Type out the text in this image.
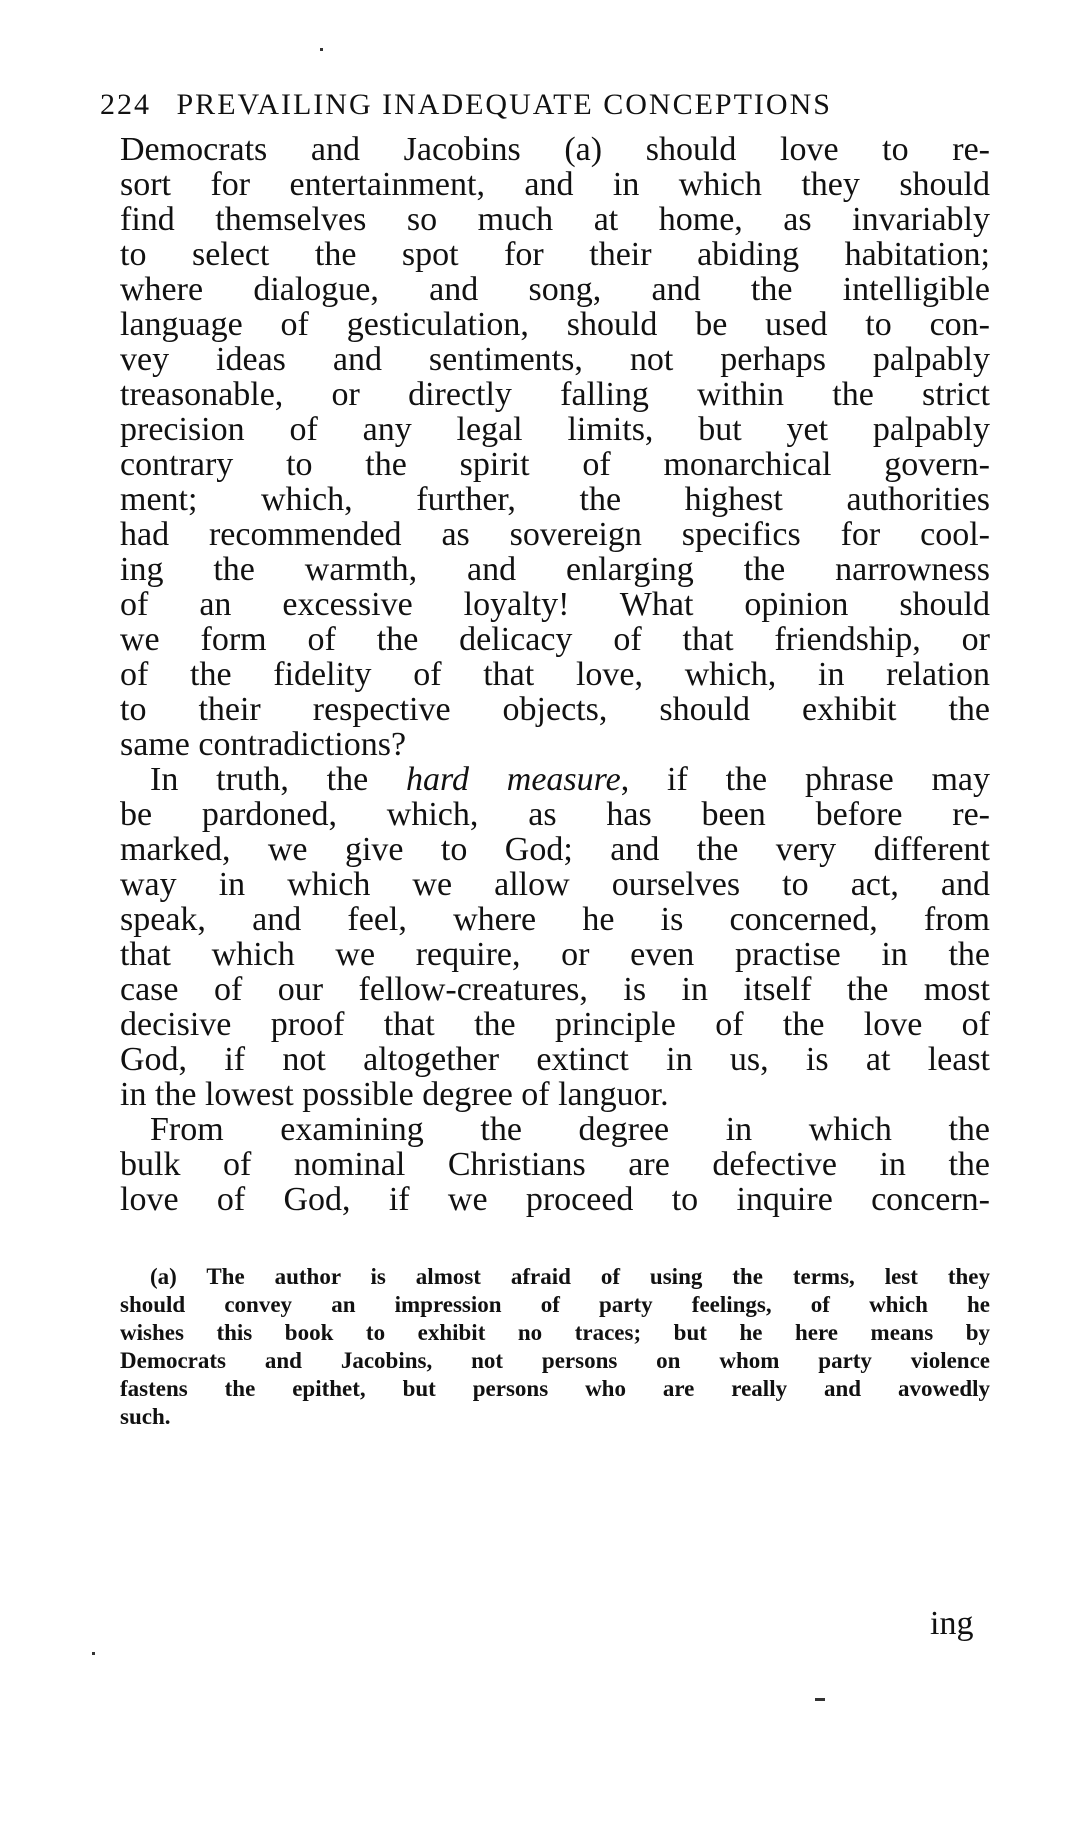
224 PREVAILING INADEQUATE CONCEPTIONS
Democrats and Jacobins (a) should love to re-
sort for entertainment, and in which they should
find themselves so much at home, as invariably
to select the spot for their abiding habitation;
where dialogue, and song, and the intelligible
language of gesticulation, should be used to con-
vey ideas and sentiments, not perhaps palpably
treasonable, or directly falling within the strict
precision of any legal limits, but yet palpably
contrary to the spirit of monarchical govern-
ment; which, further, the highest authorities
had recommended as sovereign specifics for cool-
ing the warmth, and enlarging the narrowness
of an excessive loyalty! What opinion should
we form of the delicacy of that friendship, or
of the fidelity of that love, which, in relation
to their respective objects, should exhibit the
same contradictions?
In truth, the hard measure, if the phrase may
be pardoned, which, as has been before re-
marked, we give to God; and the very different
way in which we allow ourselves to act, and
speak, and feel, where he is concerned, from
that which we require, or even practise in the
case of our fellow-creatures, is in itself the most
decisive proof that the principle of the love of
God, if not altogether extinct in us, is at least
in the lowest possible degree of languor.
From examining the degree in which the
bulk of nominal Christians are defective in the
love of God, if we proceed to inquire concern-
(a) The author is almost afraid of using the terms, lest they
should convey an impression of party feelings, of which he
wishes this book to exhibit no traces; but he here means by
Democrats and Jacobins, not persons on whom party violence
fastens the epithet, but persons who are really and avowedly
such.
ing
